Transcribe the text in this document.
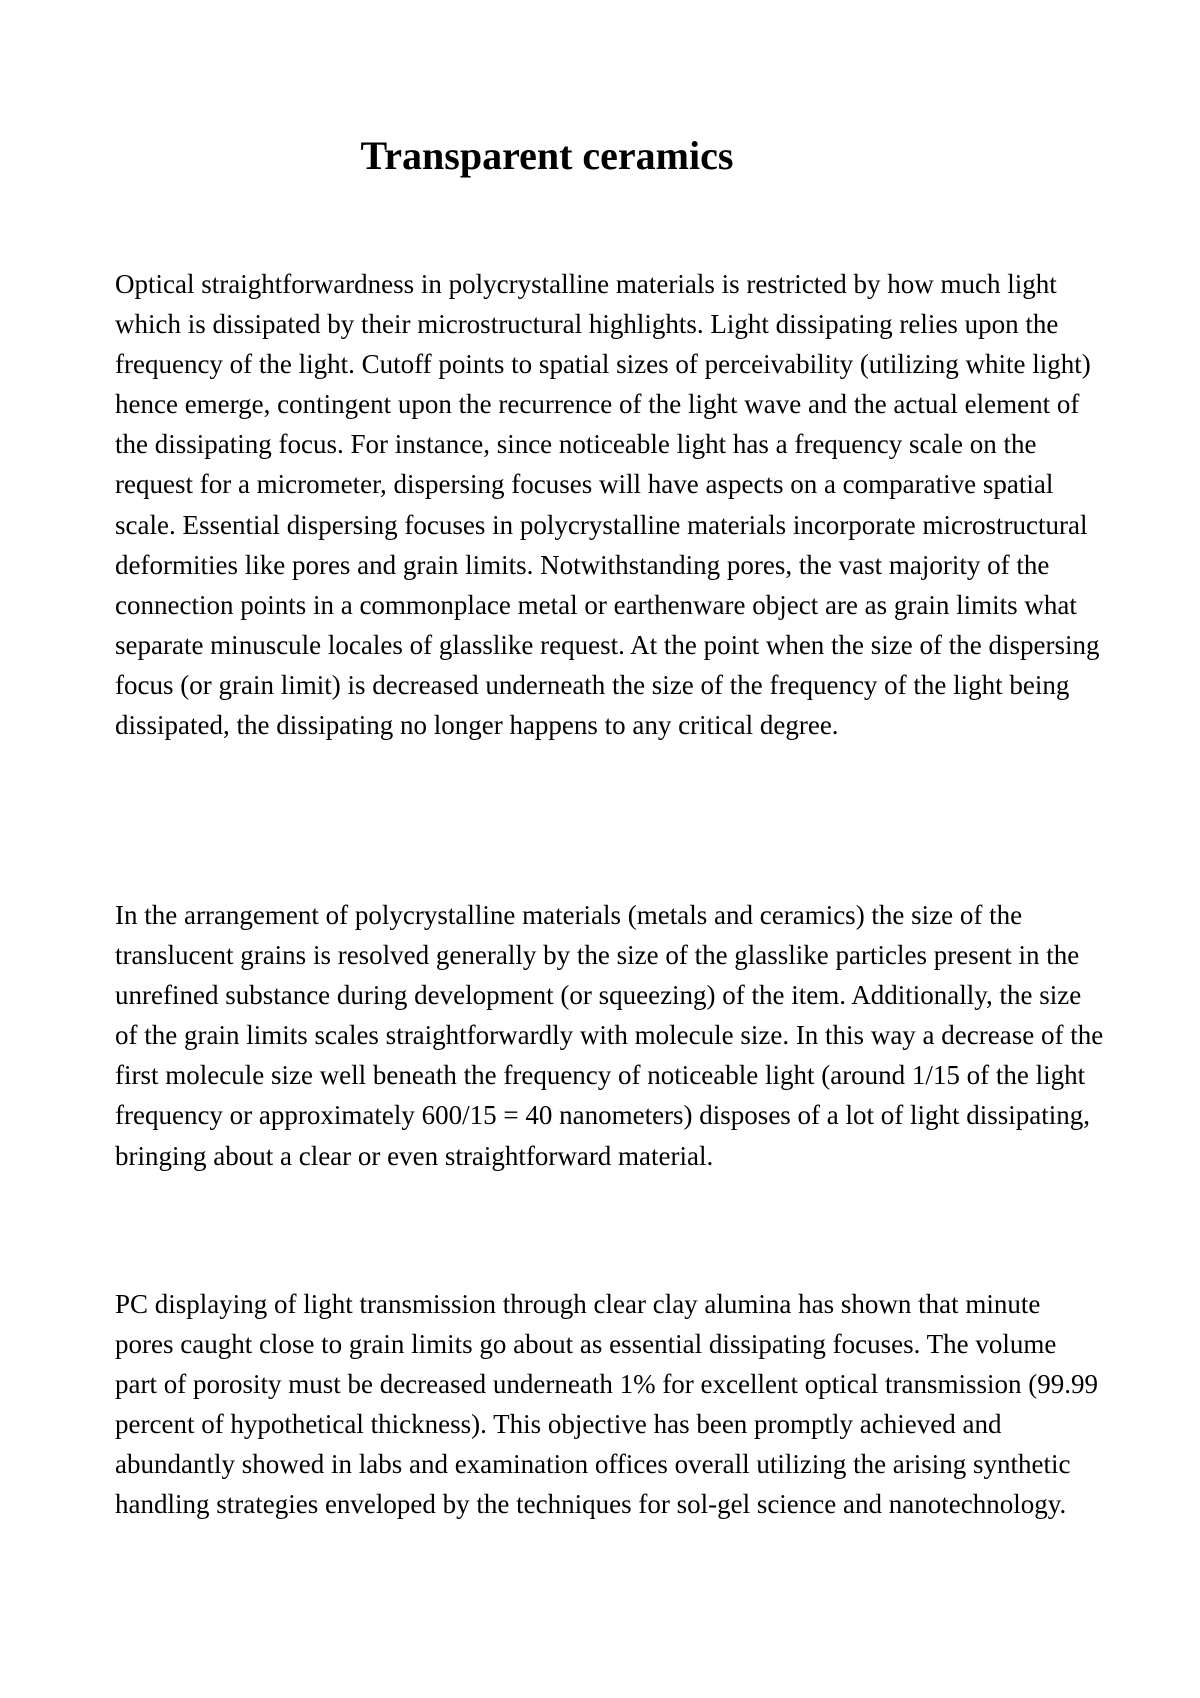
Transparent ceramics

Optical straightforwardness in polycrystalline materials is restricted by how much light which is dissipated by their microstructural highlights. Light dissipating relies upon the frequency of the light. Cutoff points to spatial sizes of perceivability (utilizing white light) hence emerge, contingent upon the recurrence of the light wave and the actual element of the dissipating focus. For instance, since noticeable light has a frequency scale on the request for a micrometer, dispersing focuses will have aspects on a comparative spatial scale. Essential dispersing focuses in polycrystalline materials incorporate microstructural deformities like pores and grain limits. Notwithstanding pores, the vast majority of the connection points in a commonplace metal or earthenware object are as grain limits what separate minuscule locales of glasslike request. At the point when the size of the dispersing focus (or grain limit) is decreased underneath the size of the frequency of the light being dissipated, the dissipating no longer happens to any critical degree.

In the arrangement of polycrystalline materials (metals and ceramics) the size of the translucent grains is resolved generally by the size of the glasslike particles present in the unrefined substance during development (or squeezing) of the item. Additionally, the size of the grain limits scales straightforwardly with molecule size. In this way a decrease of the first molecule size well beneath the frequency of noticeable light (around 1/15 of the light frequency or approximately 600/15 = 40 nanometers) disposes of a lot of light dissipating, bringing about a clear or even straightforward material.

PC displaying of light transmission through clear clay alumina has shown that minute pores caught close to grain limits go about as essential dissipating focuses. The volume part of porosity must be decreased underneath 1% for excellent optical transmission (99.99 percent of hypothetical thickness). This objective has been promptly achieved and abundantly showed in labs and examination offices overall utilizing the arising synthetic handling strategies enveloped by the techniques for sol-gel science and nanotechnology.
